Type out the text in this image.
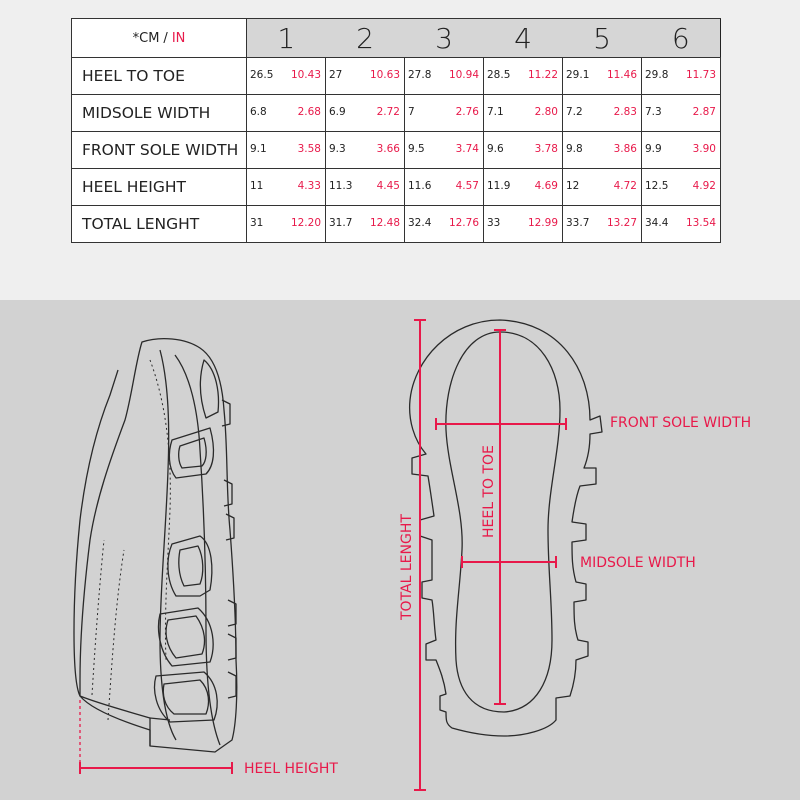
*CM / IN	1	2	3	4	5	6
HEEL TO TOE	26.5 10.43	27 10.63	27.8 10.94	28.5 11.22	29.1 11.46	29.8 11.73

MIDSOLE WIDTH	6.8 2.68	6.9 2.72	7 2.76	7.1 2.80	7.2 2.83	7.3 2.87

FRONT SOLE WIDTH	9.1 3.58	9.3 3.66	9.5 3.74	9.6 3.78	9.8 3.86	9.9 3.90

HEEL HEIGHT	11 4.33	11.3 4.45	11.6 4.57	11.9 4.69	12 4.72	12.5 4.92

TOTAL LENGHT	31 12.20	31.7 12.48	32.4 12.76	33 12.99	33.7 13.27	34.4 13.54
HEEL HEIGHT
TOTAL LENGHT
HEEL TO TOE
FRONT SOLE WIDTH
MIDSOLE WIDTH
